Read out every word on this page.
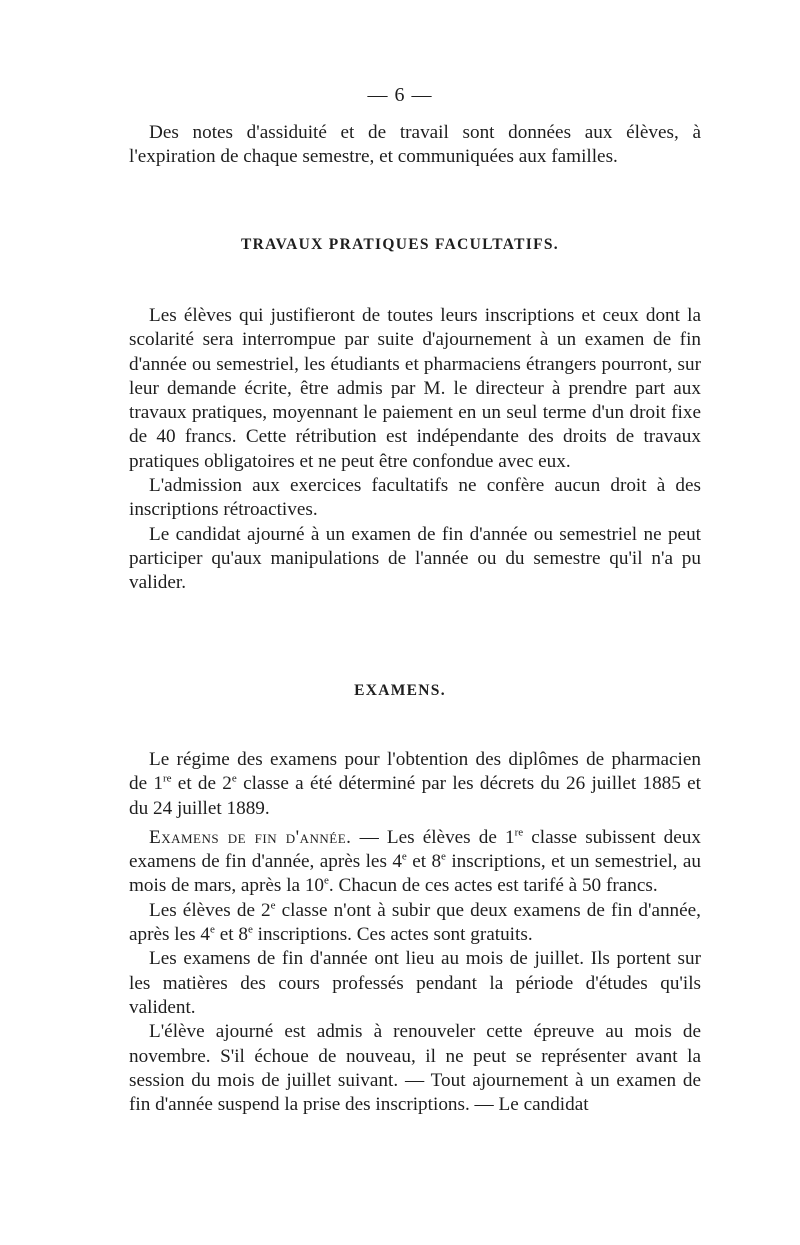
— 6 —

Des notes d'assiduité et de travail sont données aux élèves, à l'expiration de chaque semestre, et communiquées aux familles.

TRAVAUX PRATIQUES FACULTATIFS.

Les élèves qui justifieront de toutes leurs inscriptions et ceux dont la scolarité sera interrompue par suite d'ajournement à un examen de fin d'année ou semestriel, les étudiants et pharmaciens étrangers pourront, sur leur demande écrite, être admis par M. le directeur à prendre part aux travaux pratiques, moyennant le paiement en un seul terme d'un droit fixe de 40 francs. Cette rétribution est indépendante des droits de travaux pratiques obligatoires et ne peut être confondue avec eux.

L'admission aux exercices facultatifs ne confère aucun droit à des inscriptions rétroactives.

Le candidat ajourné à un examen de fin d'année ou semestriel ne peut participer qu'aux manipulations de l'année ou du semestre qu'il n'a pu valider.

EXAMENS.

Le régime des examens pour l'obtention des diplômes de pharmacien de 1re et de 2e classe a été déterminé par les décrets du 26 juillet 1885 et du 24 juillet 1889.

Examens de fin d'année. — Les élèves de 1re classe subissent deux examens de fin d'année, après les 4e et 8e inscriptions, et un semestriel, au mois de mars, après la 10e. Chacun de ces actes est tarifé à 50 francs.

Les élèves de 2e classe n'ont à subir que deux examens de fin d'année, après les 4e et 8e inscriptions. Ces actes sont gratuits.

Les examens de fin d'année ont lieu au mois de juillet. Ils portent sur les matières des cours professés pendant la période d'études qu'ils valident.

L'élève ajourné est admis à renouveler cette épreuve au mois de novembre. S'il échoue de nouveau, il ne peut se représenter avant la session du mois de juillet suivant. — Tout ajournement à un examen de fin d'année suspend la prise des inscriptions. — Le candidat
